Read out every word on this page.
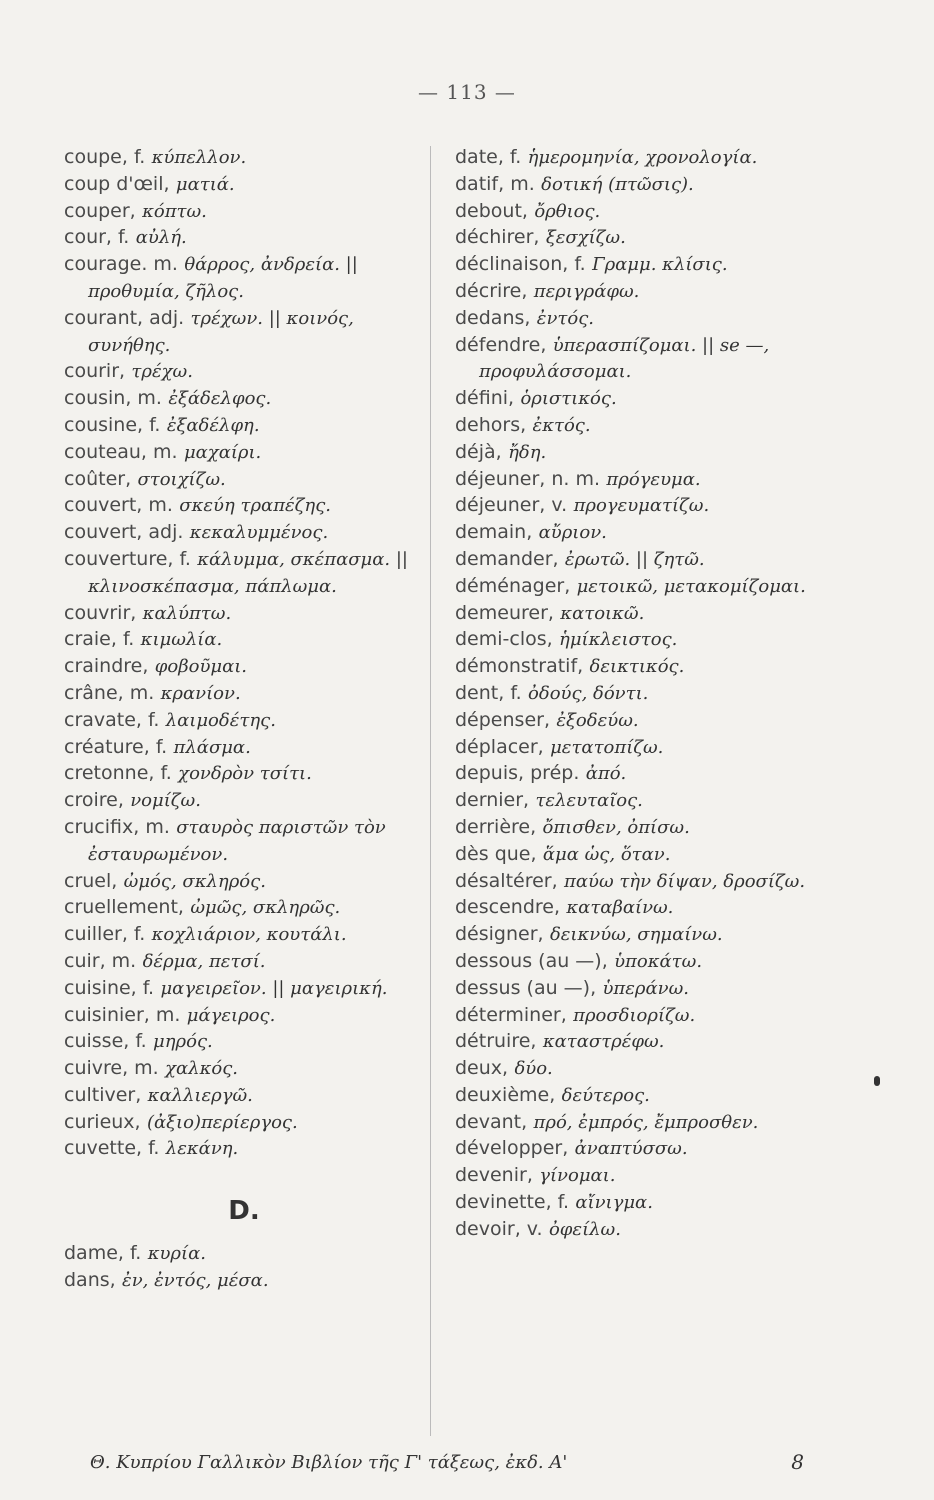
— 113 —
coupe, f. κύπελλον.
coup d'œil, ματιά.
couper, κόπτω.
cour, f. αὐλή.
courage. m. θάρρος, ἀνδρεία. || προθυμία, ζῆλος.
courant, adj. τρέχων. || κοινός, συνήθης.
courir, τρέχω.
cousin, m. ἐξάδελφος.
cousine, f. ἐξαδέλφη.
couteau, m. μαχαίρι.
coûter, στοιχίζω.
couvert, m. σκεύη τραπέζης.
couvert, adj. κεκαλυμμένος.
couverture, f. κάλυμμα, σκέπασμα. || κλινοσκέπασμα, πάπλωμα.
couvrir, καλύπτω.
craie, f. κιμωλία.
craindre, φοβοῦμαι.
crâne, m. κρανίον.
cravate, f. λαιμοδέτης.
créature, f. πλάσμα.
cretonne, f. χονδρὸν τσίτι.
croire, νομίζω.
crucifix, m. σταυρὸς παριστῶν τὸν ἐσταυρωμένον.
cruel, ὠμός, σκληρός.
cruellement, ὠμῶς, σκληρῶς.
cuiller, f. κοχλιάριον, κουτάλι.
cuir, m. δέρμα, πετσί.
cuisine, f. μαγειρεῖον. || μαγειρική.
cuisinier, m. μάγειρος.
cuisse, f. μηρός.
cuivre, m. χαλκός.
cultiver, καλλιεργῶ.
curieux, (ἀξιο)περίεργος.
cuvette, f. λεκάνη.
D.
dame, f. κυρία.
dans, ἐν, ἐντός, μέσα.
date, f. ἡμερομηνία, χρονολογία.
datif, m. δοτική (πτῶσις).
debout, ὄρθιος.
déchirer, ξεσχίζω.
déclinaison, f. Γραμμ. κλίσις.
décrire, περιγράφω.
dedans, ἐντός.
défendre, ὑπερασπίζομαι. || se —, προφυλάσσομαι.
défini, ὁριστικός.
dehors, ἐκτός.
déjà, ἤδη.
déjeuner, n. m. πρόγευμα.
déjeuner, v. προγευματίζω.
demain, αὔριον.
demander, ἐρωτῶ. || ζητῶ.
déménager, μετοικῶ, μετακομίζομαι.
demeurer, κατοικῶ.
demi-clos, ἡμίκλειστος.
démonstratif, δεικτικός.
dent, f. ὀδούς, δόντι.
dépenser, ἐξοδεύω.
déplacer, μετατοπίζω.
depuis, prép. ἀπό.
dernier, τελευταῖος.
derrière, ὄπισθεν, ὀπίσω.
dès que, ἅμα ὡς, ὅταν.
désaltérer, παύω τὴν δίψαν, δροσίζω.
descendre, καταβαίνω.
désigner, δεικνύω, σημαίνω.
dessous (au —), ὑποκάτω.
dessus (au —), ὑπεράνω.
déterminer, προσδιορίζω.
détruire, καταστρέφω.
deux, δύο.
deuxième, δεύτερος.
devant, πρό, ἐμπρός, ἔμπροσθεν.
développer, ἀναπτύσσω.
devenir, γίνομαι.
devinette, f. αἴνιγμα.
devoir, v. ὀφείλω.
Θ. Κυπρίου Γαλλικὸν Βιβλίον τῆς Γ' τάξεως, ἐκδ. Α'	8
